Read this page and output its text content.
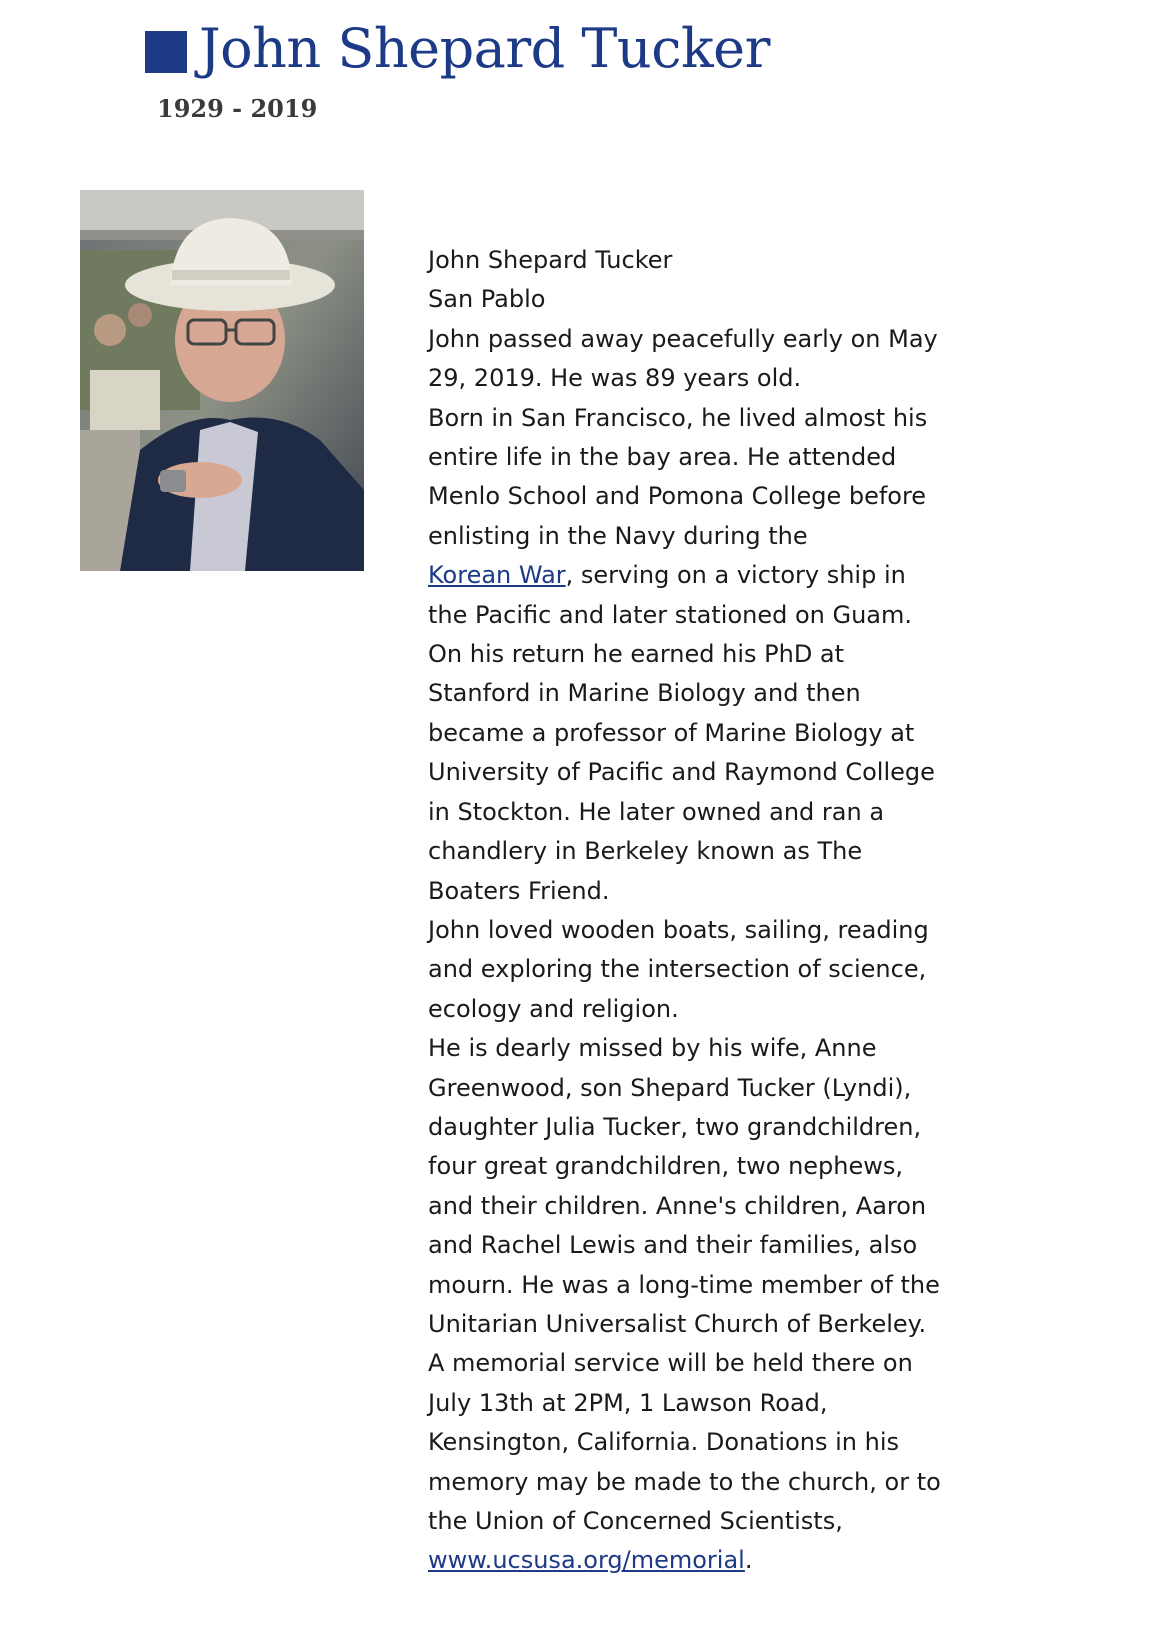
John Shepard Tucker
1929 - 2019
John Shepard Tucker
San Pablo
John passed away peacefully early on May
29, 2019. He was 89 years old.
Born in San Francisco, he lived almost his
entire life in the bay area. He attended
Menlo School and Pomona College before
enlisting in the Navy during the
Korean War, serving on a victory ship in
the Pacific and later stationed on Guam.
On his return he earned his PhD at
Stanford in Marine Biology and then
became a professor of Marine Biology at
University of Pacific and Raymond College
in Stockton. He later owned and ran a
chandlery in Berkeley known as The
Boaters Friend.
John loved wooden boats, sailing, reading
and exploring the intersection of science,
ecology and religion.
He is dearly missed by his wife, Anne
Greenwood, son Shepard Tucker (Lyndi),
daughter Julia Tucker, two grandchildren,
four great grandchildren, two nephews,
and their children. Anne's children, Aaron
and Rachel Lewis and their families, also
mourn. He was a long-time member of the
Unitarian Universalist Church of Berkeley.
A memorial service will be held there on
July 13th at 2PM, 1 Lawson Road,
Kensington, California. Donations in his
memory may be made to the church, or to
the Union of Concerned Scientists,
www.ucsusa.org/memorial.
